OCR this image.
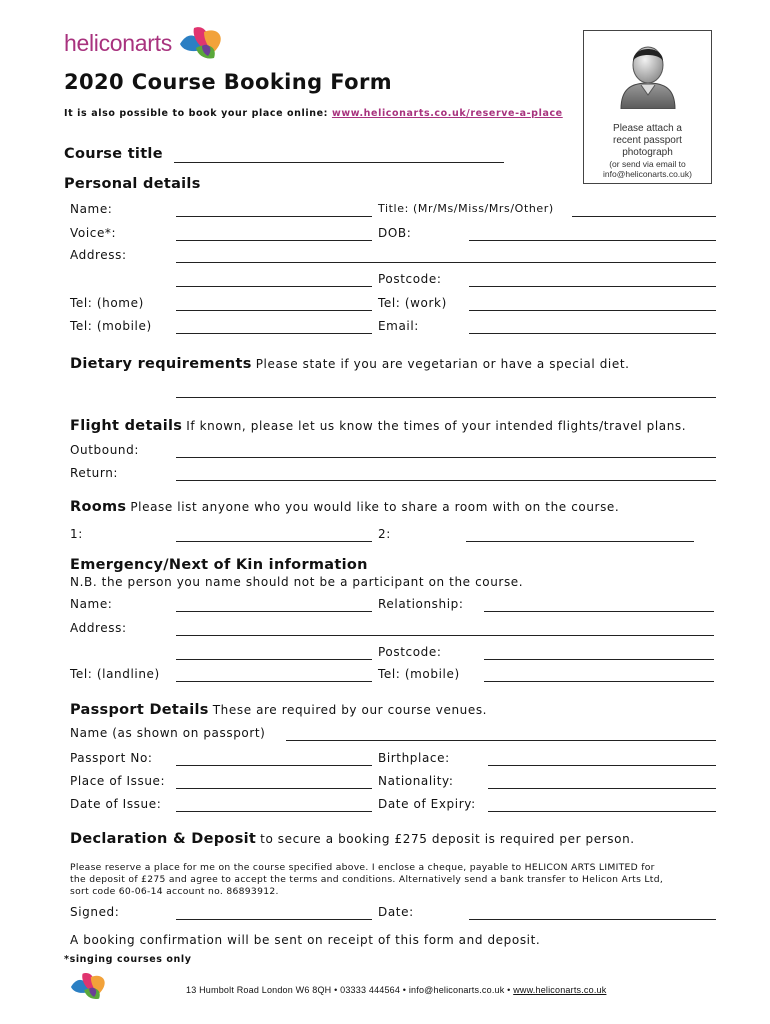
heliconarts
Please attach a
recent passport
photograph
(or send via email to
info@heliconarts.co.uk)
2020 Course Booking Form
It is also possible to book your place online: www.heliconarts.co.uk/reserve-a-place
Course title
Personal details
Name:	Title: (Mr/Ms/Miss/Mrs/Other)
Voice*:	DOB:
Address:
Postcode:
Tel: (home)	Tel: (work)
Tel: (mobile)	Email:
Dietary requirements Please state if you are vegetarian or have a special diet.
Flight details If known, please let us know the times of your intended flights/travel plans.
Outbound:
Return:
Rooms Please list anyone who you would like to share a room with on the course.
1:	2:
Emergency/Next of Kin information
N.B. the person you name should not be a participant on the course.
Name:	Relationship:
Address:
Postcode:
Tel: (landline)	Tel: (mobile)
Passport Details These are required by our course venues.
Name (as shown on passport)
Passport No:	Birthplace:
Place of Issue:	Nationality:
Date of Issue:	Date of Expiry:
Declaration & Deposit to secure a booking £275 deposit is required per person.
Please reserve a place for me on the course specified above. I enclose a cheque, payable to HELICON ARTS LIMITED for
the deposit of £275 and agree to accept the terms and conditions. Alternatively send a bank transfer to Helicon Arts Ltd,
sort code 60-06-14 account no. 86893912.
Signed:	Date:
A booking confirmation will be sent on receipt of this form and deposit.
*singing courses only
13 Humbolt Road London W6 8QH • 03333 444564 • info@heliconarts.co.uk • www.heliconarts.co.uk
